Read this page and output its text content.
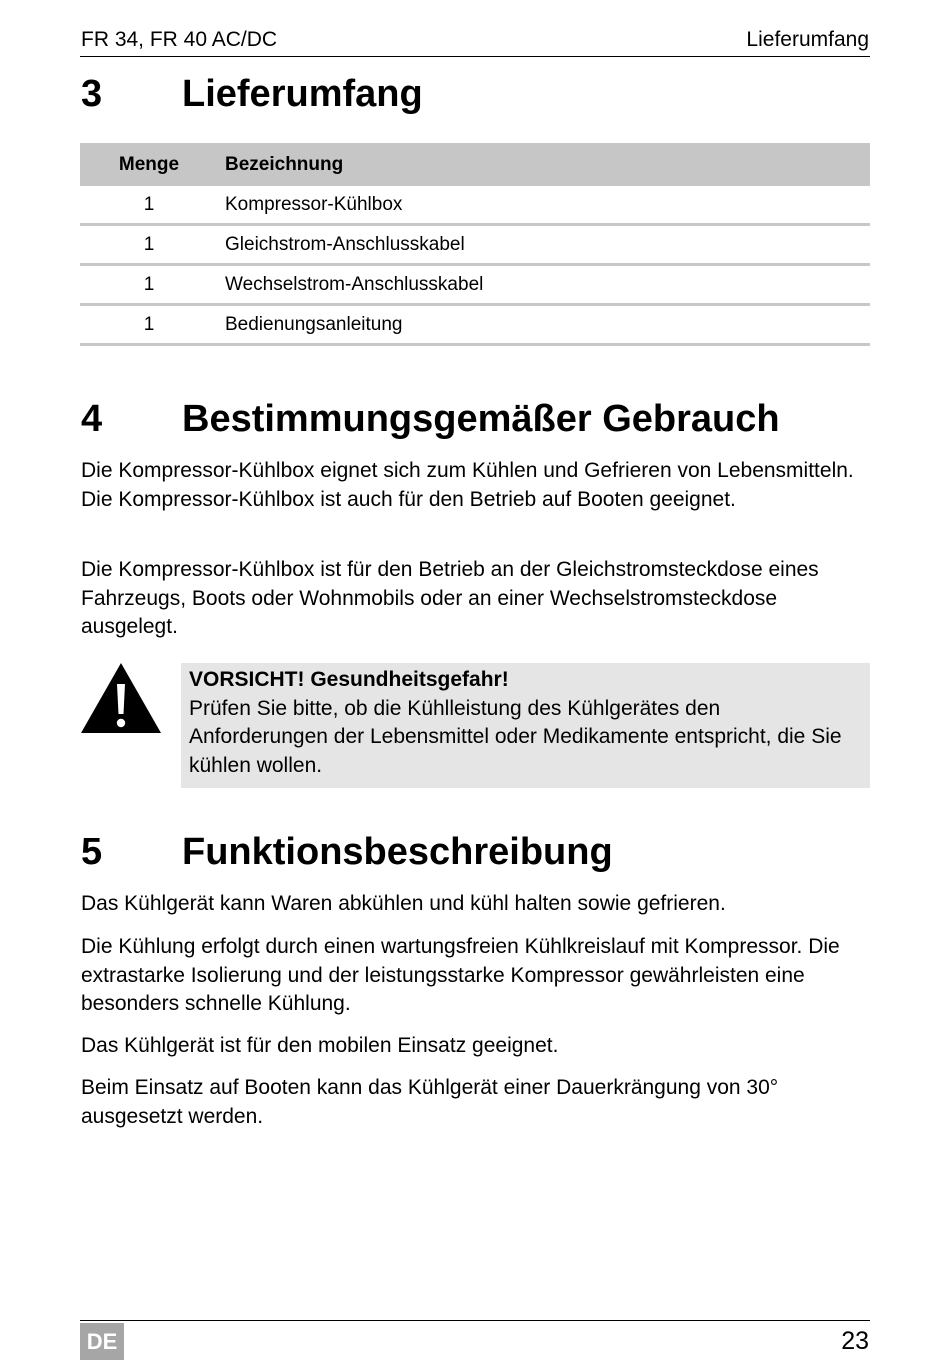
FR 34, FR 40 AC/DC	Lieferumfang
3 Lieferumfang
Menge	Bezeichnung
1	Kompressor-Kühlbox
1	Gleichstrom-Anschlusskabel
1	Wechselstrom-Anschlusskabel
1	Bedienungsanleitung
4 Bestimmungsgemäßer Gebrauch

Die Kompressor-Kühlbox eignet sich zum Kühlen und Gefrieren von Lebensmitteln. Die Kompressor-Kühlbox ist auch für den Betrieb auf Booten geeignet.

Die Kompressor-Kühlbox ist für den Betrieb an der Gleichstromsteckdose eines Fahrzeugs, Boots oder Wohnmobils oder an einer Wechselstromsteckdose ausgelegt.

VORSICHT! Gesundheitsgefahr!
Prüfen Sie bitte, ob die Kühlleistung des Kühlgerätes den Anforderungen der Lebensmittel oder Medikamente entspricht, die Sie kühlen wollen.
5 Funktionsbeschreibung

Das Kühlgerät kann Waren abkühlen und kühl halten sowie gefrieren.

Die Kühlung erfolgt durch einen wartungsfreien Kühlkreislauf mit Kompressor. Die extrastarke Isolierung und der leistungsstarke Kompressor gewährleisten eine besonders schnelle Kühlung.

Das Kühlgerät ist für den mobilen Einsatz geeignet.

Beim Einsatz auf Booten kann das Kühlgerät einer Dauerkrängung von 30° ausgesetzt werden.

DE	23
